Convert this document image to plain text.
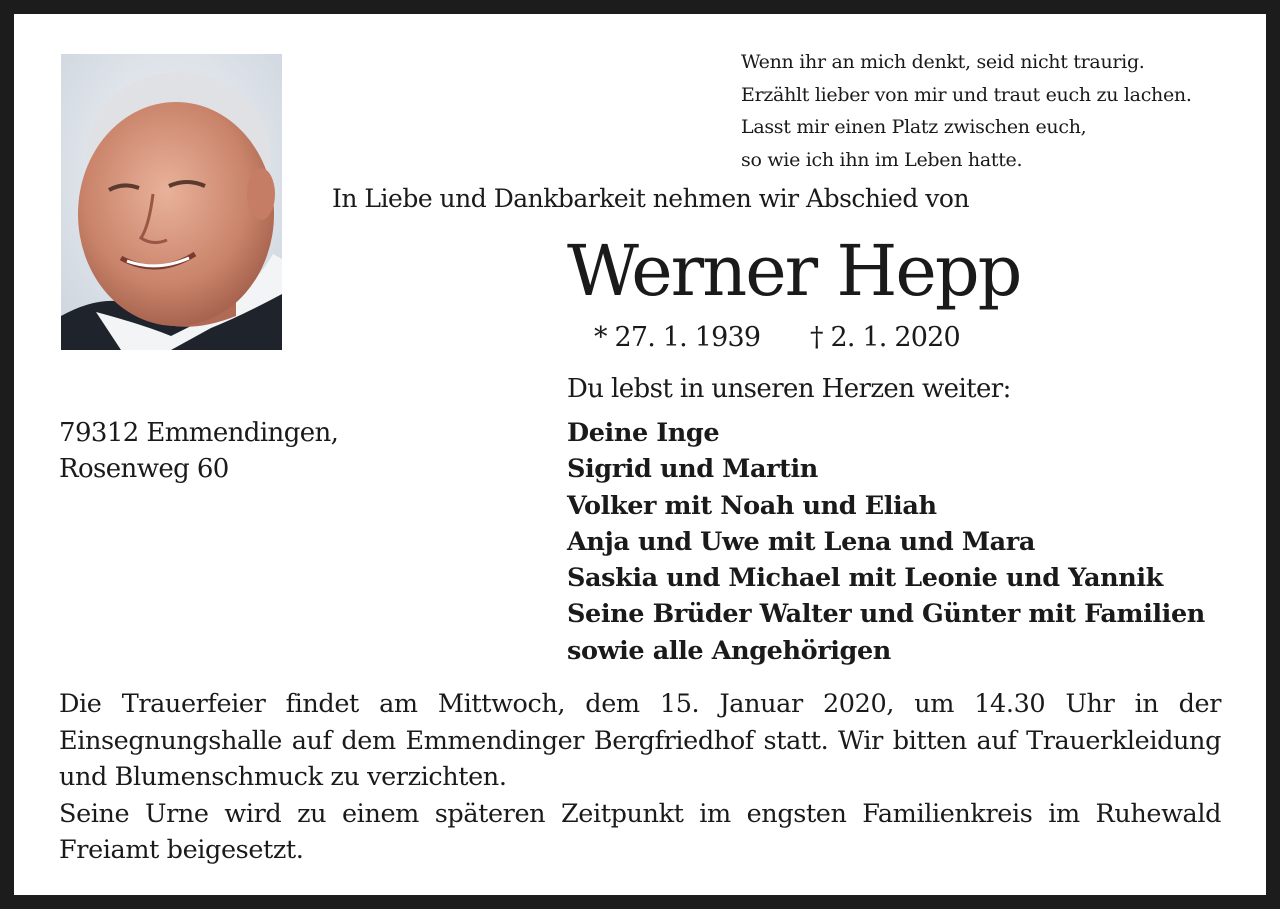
Wenn ihr an mich denkt, seid nicht traurig.
Erzählt lieber von mir und traut euch zu lachen.
Lasst mir einen Platz zwischen euch,
so wie ich ihn im Leben hatte.
In Liebe und Dankbarkeit nehmen wir Abschied von
Werner Hepp
* 27. 1. 1939 † 2. 1. 2020
Du lebst in unseren Herzen weiter:
79312 Emmendingen,
Rosenweg 60
Deine Inge
Sigrid und Martin
Volker mit Noah und Eliah
Anja und Uwe mit Lena und Mara
Saskia und Michael mit Leonie und Yannik
Seine Brüder Walter und Günter mit Familien
sowie alle Angehörigen

Die Trauerfeier findet am Mittwoch, dem 15. Januar 2020, um 14.30 Uhr in der Einsegnungshalle auf dem Emmendinger Bergfriedhof statt. Wir bitten auf Trauerkleidung und Blumenschmuck zu verzichten.

Seine Urne wird zu einem späteren Zeitpunkt im engsten Familienkreis im Ruhewald Freiamt beigesetzt.
